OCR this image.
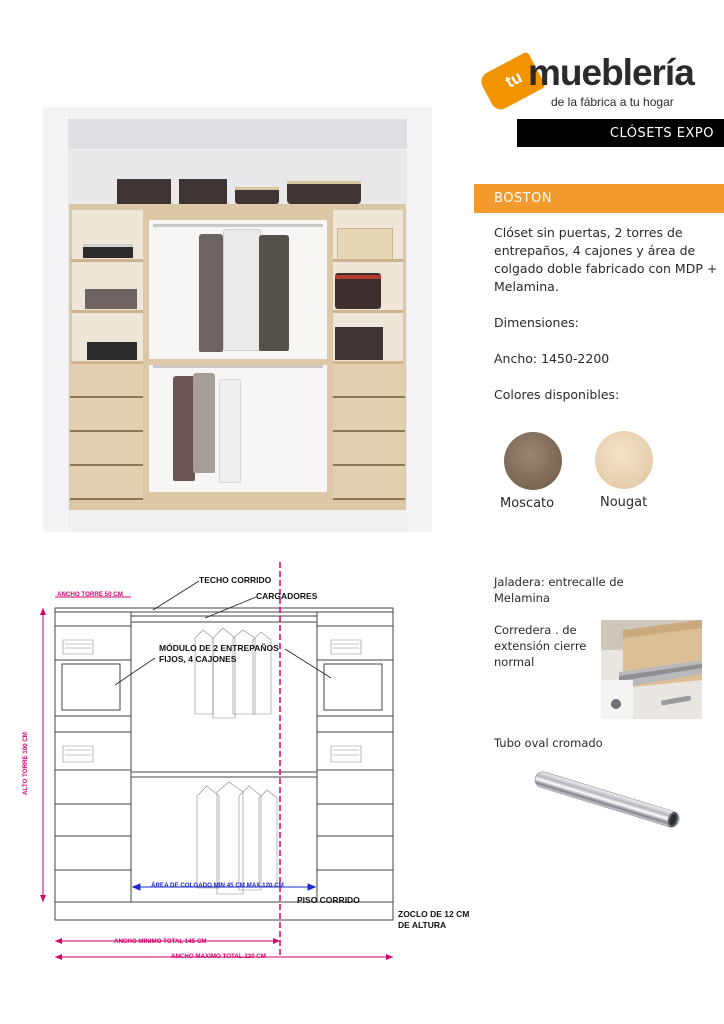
tu mueblería
de la fábrica a tu hogar
CLÓSETS EXPO
BOSTON
Clóset sin puertas, 2 torres de entrepaños, 4 cajones y área de colgado doble fabricado con MDP + Melamina.
Dimensiones:
Ancho: 1450-2200
Colores disponibles:
Moscato	Nougat
Jaladera: entrecalle de Melamina
Corredera . de extensión cierre normal
Tubo oval cromado
TECHO CORRIDO
CARGADORES
MÓDULO DE 2 ENTREPAÑOS FIJOS, 4 CAJONES
ANCHO TORRE 50 CM
ALTO TORRE 190 CM
ÁREA DE COLGADO MIN 45 CM MAX 120 CM
PISO CORRIDO
ZOCLO DE 12 CM DE ALTURA
ANCHO MINIMO TOTAL 145 CM
ANCHO MAXIMO TOTAL 220 CM
